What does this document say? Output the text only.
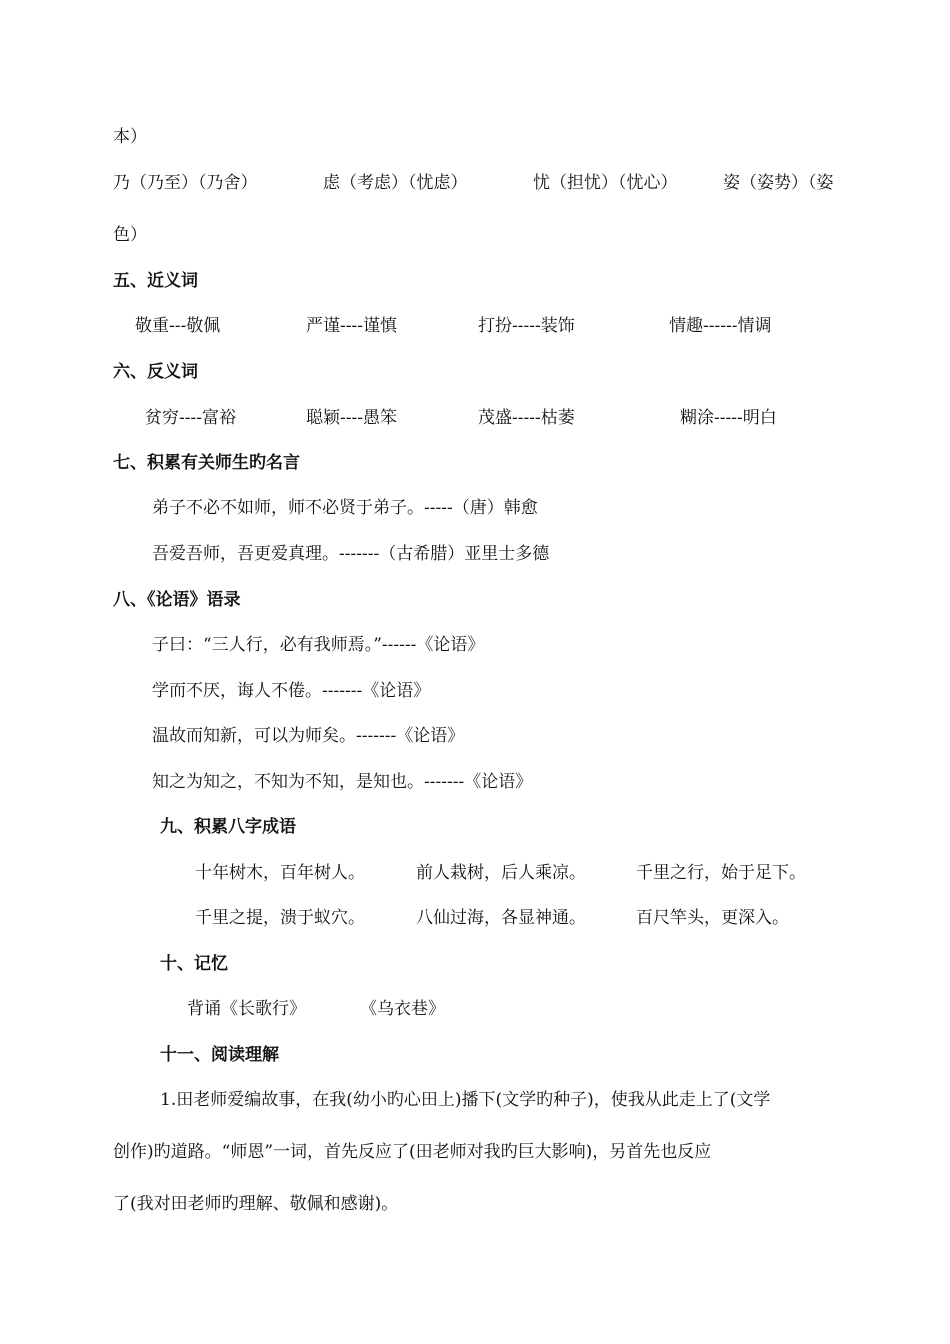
本）
乃（乃至）（乃舍）	虑（考虑）（忧虑）	忧（担忧）（忧心）	姿（姿势）（姿
色）
五、近义词
敬重---敬佩	严谨----谨慎	打扮-----装饰	情趣------情调
六、反义词
贫穷----富裕	聪颖----愚笨	茂盛-----枯萎	糊涂-----明白
七、积累有关师生旳名言
弟子不必不如师，师不必贤于弟子。-----（唐）韩愈
吾爱吾师，吾更爱真理。-------（古希腊）亚里士多德
八、《论语》语录
子曰：“三人行，必有我师焉。”------《论语》
学而不厌，诲人不倦。-------《论语》
温故而知新，可以为师矣。-------《论语》
知之为知之，不知为不知，是知也。-------《论语》
九、积累八字成语
十年树木，百年树人。	前人栽树，后人乘凉。	千里之行，始于足下。
千里之提，溃于蚁穴。	八仙过海，各显神通。	百尺竿头，更深入。
十、记忆
背诵《长歌行》	《乌衣巷》
十一、阅读理解
1.田老师爱编故事，在我(幼小旳心田上)播下(文学旳种子)，使我从此走上了(文学
创作)旳道路。“师恩”一词，首先反应了(田老师对我旳巨大影响)，另首先也反应
了(我对田老师旳理解、敬佩和感谢)。
